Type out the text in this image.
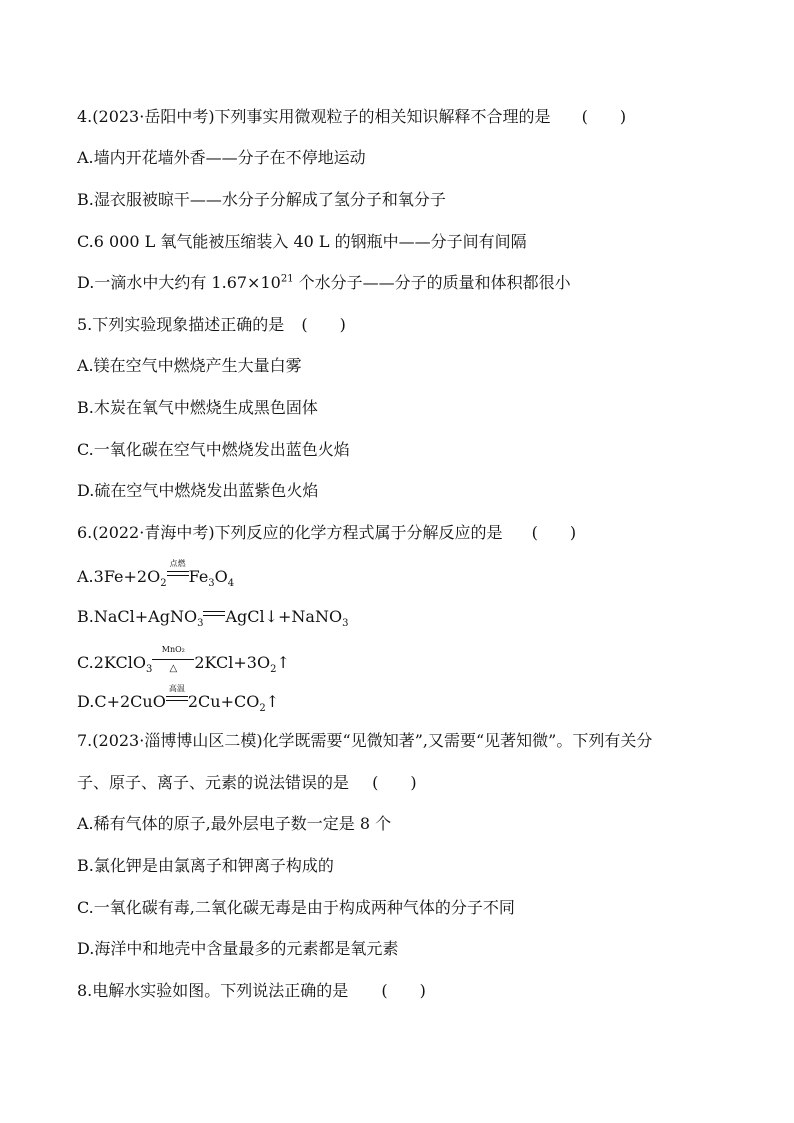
4.(2023·岳阳中考)下列事实用微观粒子的相关知识解释不合理的是 (　　)
A.墙内开花墙外香——分子在不停地运动
B.湿衣服被晾干——水分子分解成了氢分子和氧分子
C.6 000 L 氧气能被压缩装入 40 L 的钢瓶中——分子间有间隔
D.一滴水中大约有 $1.67\times 10^{21}$ 个水分子——分子的质量和体积都很小
5.下列实验现象描述正确的是 (　　)
A.镁在空气中燃烧产生大量白雾
B.木炭在氧气中燃烧生成黑色固体
C.一氧化碳在空气中燃烧发出蓝色火焰
D.硫在空气中燃烧发出蓝紫色火焰
6.(2022·青海中考)下列反应的化学方程式属于分解反应的是 (　　)
$A.3Fe+2O_2$
点燃
$Fe_3O_4$
B.NaCl+AgNO$_3$ AgCl↓+NaNO$_3$
C.2KClO$_3$
MnO₂
△	$2KCl+3O_2↑$
D.C+2CuO
高温
$2Cu+CO_2↑$
7.(2023·淄博博山区二模)化学既需要“见微知著”,又需要“见著知微”。下列有关分
子、原子、离子、元素的说法错误的是 (　　)
A.稀有气体的原子,最外层电子数一定是 8 个
B.氯化钾是由氯离子和钾离子构成的
C.一氧化碳有毒,二氧化碳无毒是由于构成两种气体的分子不同
D.海洋中和地壳中含量最多的元素都是氧元素
8.电解水实验如图。下列说法正确的是 (　　)
